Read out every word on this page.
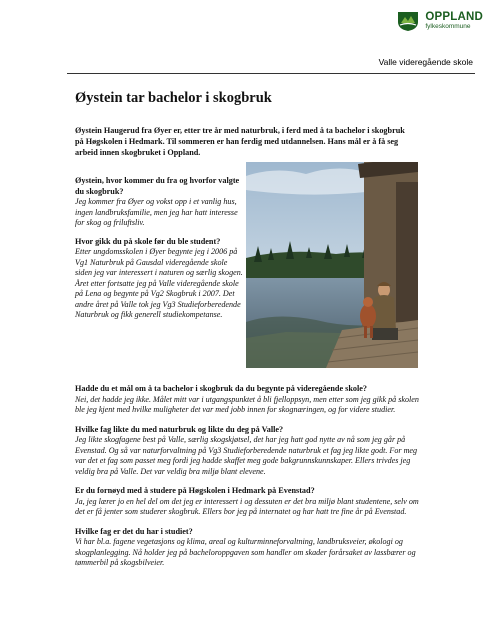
OPPLAND
fylkeskommune
Valle videregående skole
Øystein tar bachelor i skogbruk

Øystein Haugerud fra Øyer er, etter tre år med naturbruk, i ferd med å ta bachelor i skogbruk på Høgskolen i Hedmark. Til sommeren er han ferdig med utdannelsen. Hans mål er å få seg arbeid innen skogbruket i Oppland.

Øystein, hvor kommer du fra og hvorfor valgte du skogbruk?

Jeg kommer fra Øyer og vokst opp i et vanlig hus, ingen landbruksfamilie, men jeg har hatt interesse for skog og friluftsliv.

Hvor gikk du på skole før du ble student?

Etter ungdomsskolen i Øyer begynte jeg i 2006 på Vg1 Naturbruk på Gausdal videregående skole siden jeg var interessert i naturen og særlig skogen. Året etter fortsatte jeg på Valle videregående skole på Lena og begynte på Vg2 Skogbruk i 2007. Det andre året på Valle tok jeg Vg3 Studieforberedende Naturbruk og fikk generell studiekompetanse.

Hadde du et mål om å ta bachelor i skogbruk da du begynte på videregående skole?

Nei, det hadde jeg ikke. Målet mitt var i utgangspunktet å bli fjelloppsyn, men etter som jeg gikk på skolen ble jeg kjent med hvilke muligheter det var med jobb innen for skognæringen, og for videre studier.

Hvilke fag likte du med naturbruk og likte du deg på Valle?

Jeg likte skogfagene best på Valle, særlig skogskjøtsel, det har jeg hatt god nytte av nå som jeg går på Evenstad. Og så var naturforvaltning på Vg3 Studieforberedende naturbruk et fag jeg likte godt. For meg var det et fag som passet meg fordi jeg hadde skaffet meg gode bakgrunnskunnskaper. Ellers trivdes jeg veldig bra på Valle. Det var veldig bra miljø blant elevene.

Er du fornøyd med å studere på Høgskolen i Hedmark på Evenstad?

Ja, jeg lærer jo en hel del om det jeg er interessert i og dessuten er det bra miljø blant studentene, selv om det er få jenter som studerer skogbruk. Ellers bor jeg på internatet og har hatt tre fine år på Evenstad.

Hvilke fag er det du har i studiet?

Vi har bl.a. fagene vegetasjons og klima, areal og kulturminneforvaltning, landbruksveier, økologi og skogplanlegging. Nå holder jeg på bacheloroppgaven som handler om skader forårsaket av lassbærer og tømmerbil på skogsbilveier.
